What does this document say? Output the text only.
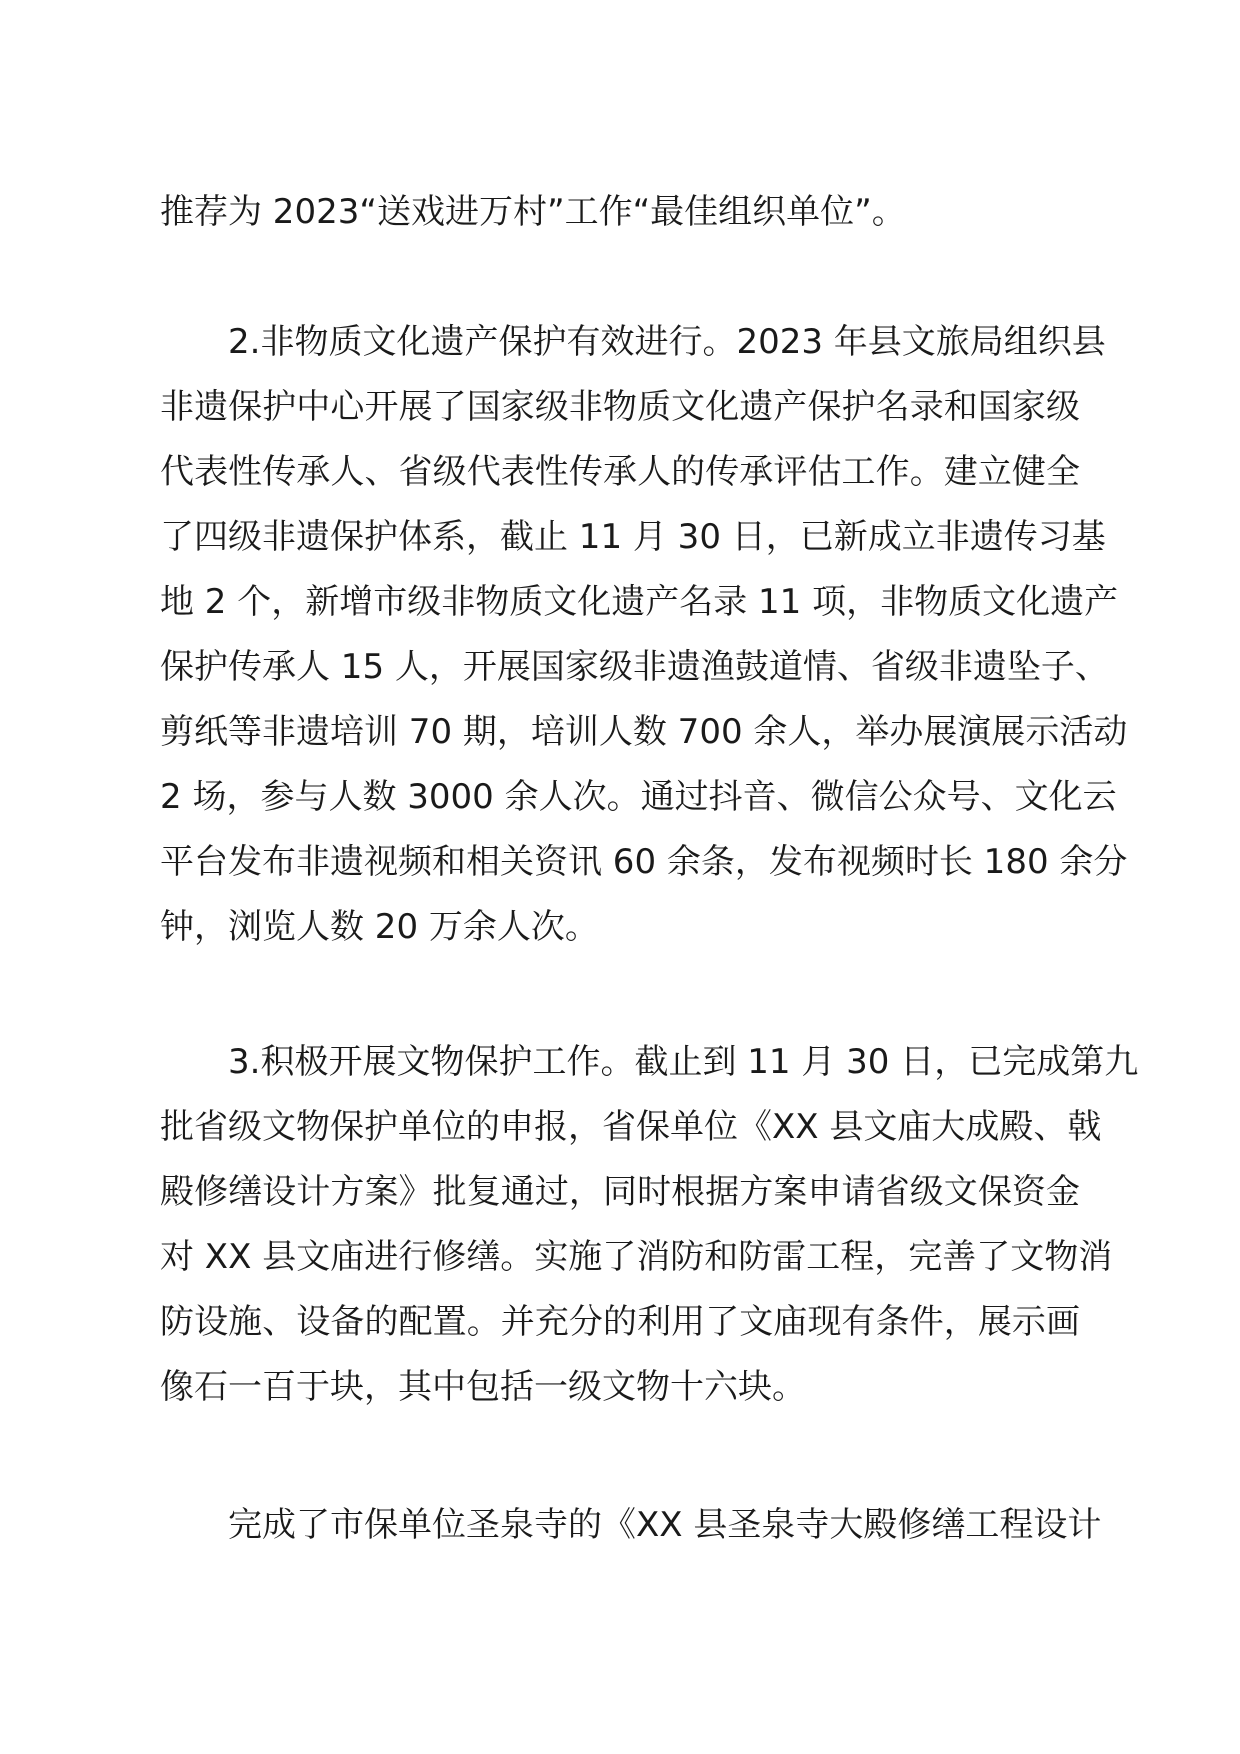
推荐为 2023“送戏进万村”工作“最佳组织单位”。
2.非物质文化遗产保护有效进行。2023 年县文旅局组织县
非遗保护中心开展了国家级非物质文化遗产保护名录和国家级
代表性传承人、省级代表性传承人的传承评估工作。建立健全
了四级非遗保护体系，截止 11 月 30 日，已新成立非遗传习基
地 2 个，新增市级非物质文化遗产名录 11 项，非物质文化遗产
保护传承人 15 人，开展国家级非遗渔鼓道情、省级非遗坠子、
剪纸等非遗培训 70 期，培训人数 700 余人，举办展演展示活动
2 场，参与人数 3000 余人次。通过抖音、微信公众号、文化云
平台发布非遗视频和相关资讯 60 余条，发布视频时长 180 余分
钟，浏览人数 20 万余人次。
3.积极开展文物保护工作。截止到 11 月 30 日，已完成第九
批省级文物保护单位的申报，省保单位《XX 县文庙大成殿、戟
殿修缮设计方案》批复通过，同时根据方案申请省级文保资金
对 XX 县文庙进行修缮。实施了消防和防雷工程，完善了文物消
防设施、设备的配置。并充分的利用了文庙现有条件，展示画
像石一百于块，其中包括一级文物十六块。
完成了市保单位圣泉寺的《XX 县圣泉寺大殿修缮工程设计
